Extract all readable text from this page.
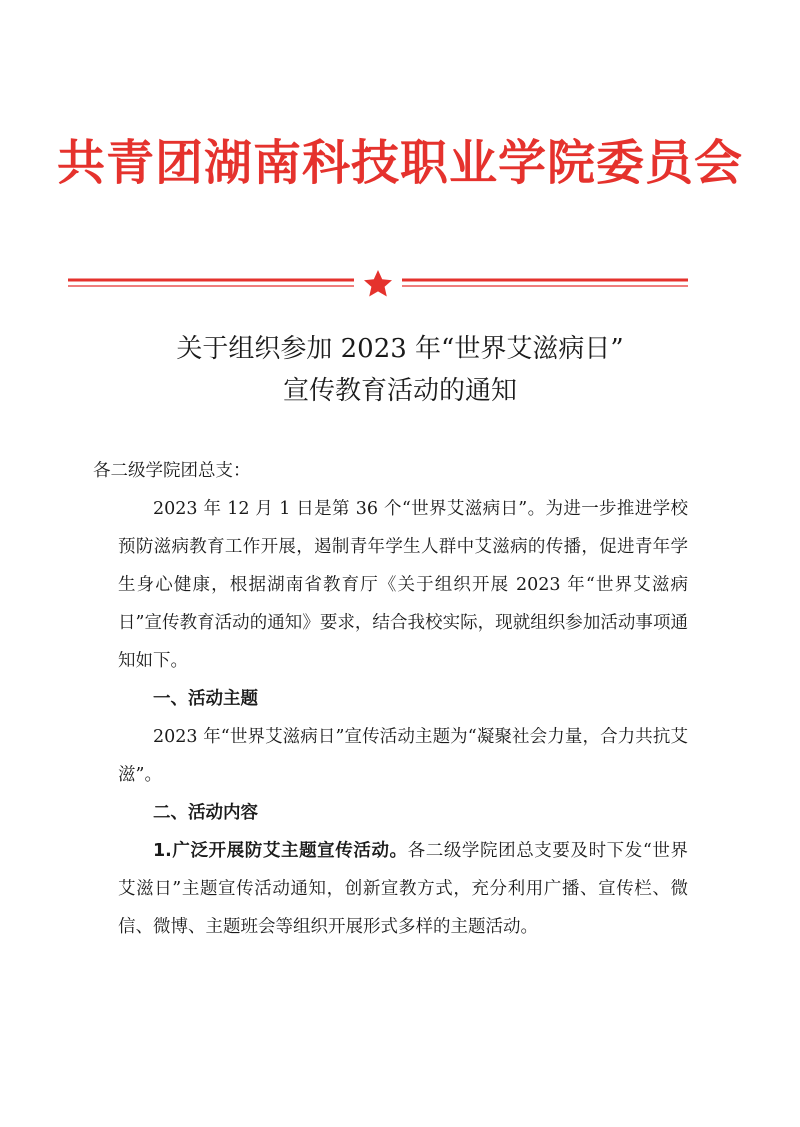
共青团湖南科技职业学院委员会
关于组织参加 2023 年“世界艾滋病日”
宣传教育活动的通知

各二级学院团总支：

2023 年 12 月 1 日是第 36 个“世界艾滋病日”。为进一步推进学校预防滋病教育工作开展，遏制青年学生人群中艾滋病的传播，促进青年学生身心健康，根据湖南省教育厅《关于组织开展 2023 年“世界艾滋病日”宣传教育活动的通知》要求，结合我校实际，现就组织参加活动事项通知如下。

一、活动主题

2023 年“世界艾滋病日”宣传活动主题为“凝聚社会力量，合力共抗艾滋”。

二、活动内容

1.广泛开展防艾主题宣传活动。各二级学院团总支要及时下发“世界艾滋日”主题宣传活动通知，创新宣教方式，充分利用广播、宣传栏、微信、微博、主题班会等组织开展形式多样的主题活动。
